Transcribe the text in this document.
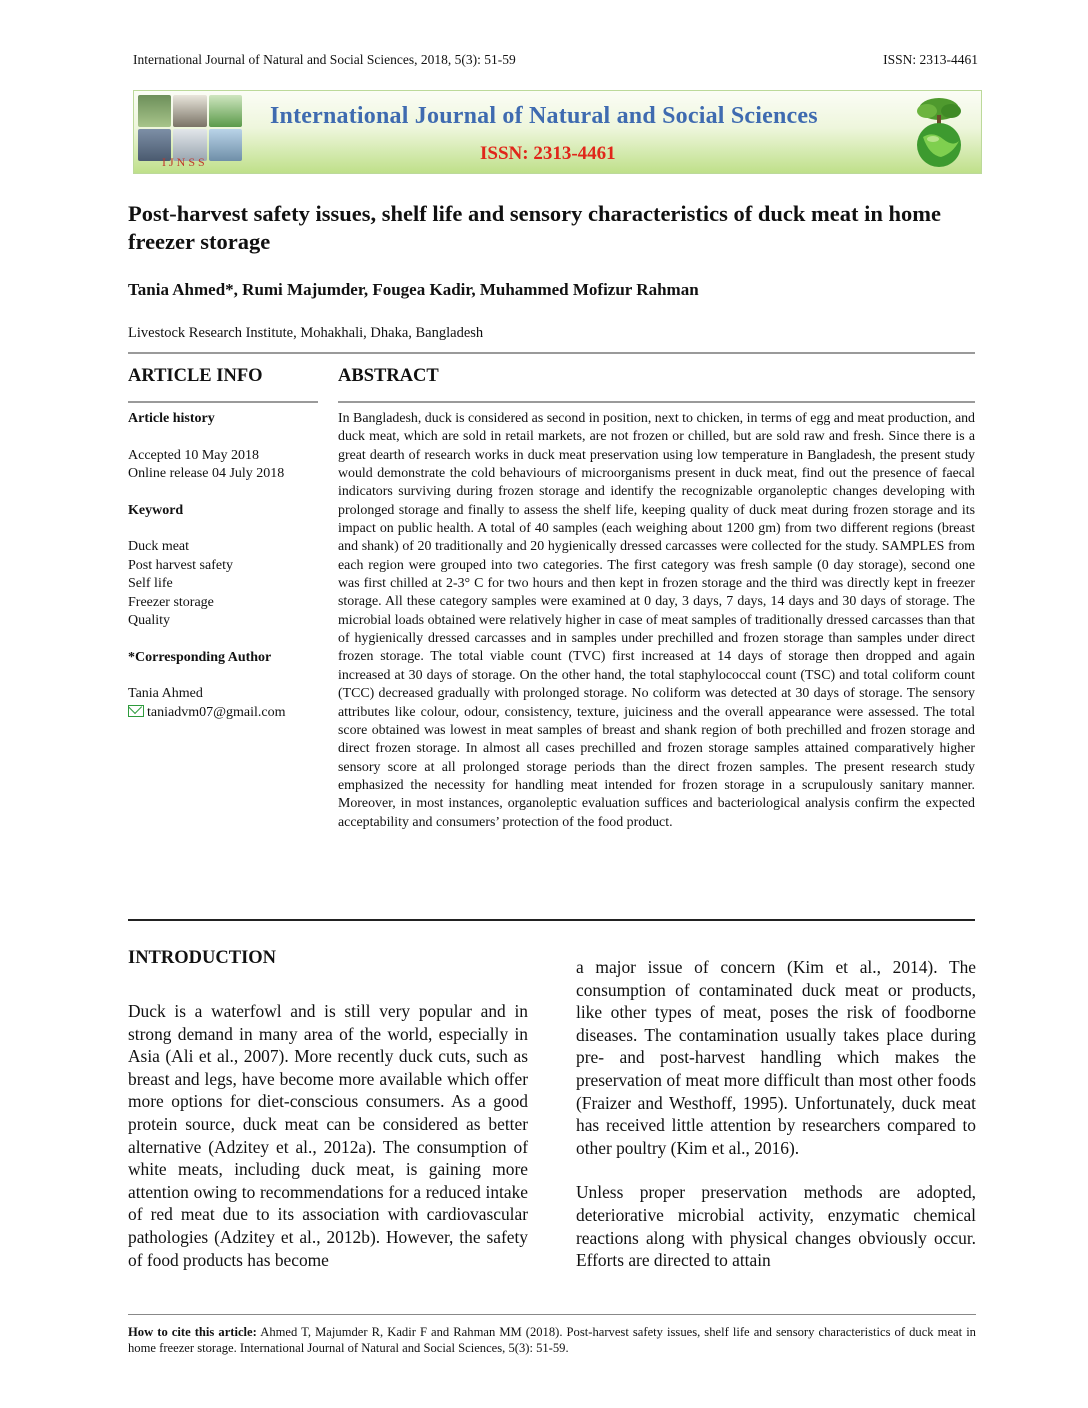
International Journal of Natural and Social Sciences, 2018, 5(3): 51-59	ISSN: 2313-4461
IJNSS
International Journal of Natural and Social Sciences
ISSN: 2313-4461
Post-harvest safety issues, shelf life and sensory characteristics of duck meat in home freezer storage
Tania Ahmed*, Rumi Majumder, Fougea Kadir, Muhammed Mofizur Rahman
Livestock Research Institute, Mohakhali, Dhaka, Bangladesh
ARTICLE INFO	ABSTRACT
Article history
Accepted 10 May 2018
Online release 04 July 2018
Keyword
Duck meat
Post harvest safety
Self life
Freezer storage
Quality
*Corresponding Author
Tania Ahmed
taniadvm07@gmail.com
In Bangladesh, duck is considered as second in position, next to chicken, in terms of egg and meat production, and duck meat, which are sold in retail markets, are not frozen or chilled, but are sold raw and fresh. Since there is a great dearth of research works in duck meat preservation using low temperature in Bangladesh, the present study would demonstrate the cold behaviours of microorganisms present in duck meat, find out the presence of faecal indicators surviving during frozen storage and identify the recognizable organoleptic changes developing with prolonged storage and finally to assess the shelf life, keeping quality of duck meat during frozen storage and its impact on public health. A total of 40 samples (each weighing about 1200 gm) from two different regions (breast and shank) of 20 traditionally and 20 hygienically dressed carcasses were collected for the study. SAMPLES from each region were grouped into two categories. The first category was fresh sample (0 day storage), second one was first chilled at 2-3° C for two hours and then kept in frozen storage and the third was directly kept in freezer storage. All these category samples were examined at 0 day, 3 days, 7 days, 14 days and 30 days of storage. The microbial loads obtained were relatively higher in case of meat samples of traditionally dressed carcasses than that of hygienically dressed carcasses and in samples under prechilled and frozen storage than samples under direct frozen storage. The total viable count (TVC) first increased at 14 days of storage then dropped and again increased at 30 days of storage. On the other hand, the total staphylococcal count (TSC) and total coliform count (TCC) decreased gradually with prolonged storage. No coliform was detected at 30 days of storage. The sensory attributes like colour, odour, consistency, texture, juiciness and the overall appearance were assessed. The total score obtained was lowest in meat samples of breast and shank region of both prechilled and frozen storage and direct frozen storage. In almost all cases prechilled and frozen storage samples attained comparatively higher sensory score at all prolonged storage periods than the direct frozen samples. The present research study emphasized the necessity for handling meat intended for frozen storage in a scrupulously sanitary manner. Moreover, in most instances, organoleptic evaluation suffices and bacteriological analysis confirm the expected acceptability and consumers’ protection of the food product.
INTRODUCTION
Duck is a waterfowl and is still very popular and in strong demand in many area of the world, especially in Asia (Ali et al., 2007). More recently duck cuts, such as breast and legs, have become more available which offer more options for diet-conscious consumers. As a good protein source, duck meat can be considered as better alternative (Adzitey et al., 2012a). The consumption of white meats, including duck meat, is gaining more attention owing to recommendations for a reduced intake of red meat due to its association with cardiovascular pathologies (Adzitey et al., 2012b). However, the safety of food products has become

a major issue of concern (Kim et al., 2014). The consumption of contaminated duck meat or products, like other types of meat, poses the risk of foodborne diseases. The contamination usually takes place during pre- and post-harvest handling which makes the preservation of meat more difficult than most other foods (Fraizer and Westhoff, 1995). Unfortunately, duck meat has received little attention by researchers compared to other poultry (Kim et al., 2016).

Unless proper preservation methods are adopted, deteriorative microbial activity, enzymatic chemical reactions along with physical changes obviously occur. Efforts are directed to attain

How to cite this article: Ahmed T, Majumder R, Kadir F and Rahman MM (2018). Post-harvest safety issues, shelf life and sensory characteristics of duck meat in home freezer storage. International Journal of Natural and Social Sciences, 5(3): 51-59.
